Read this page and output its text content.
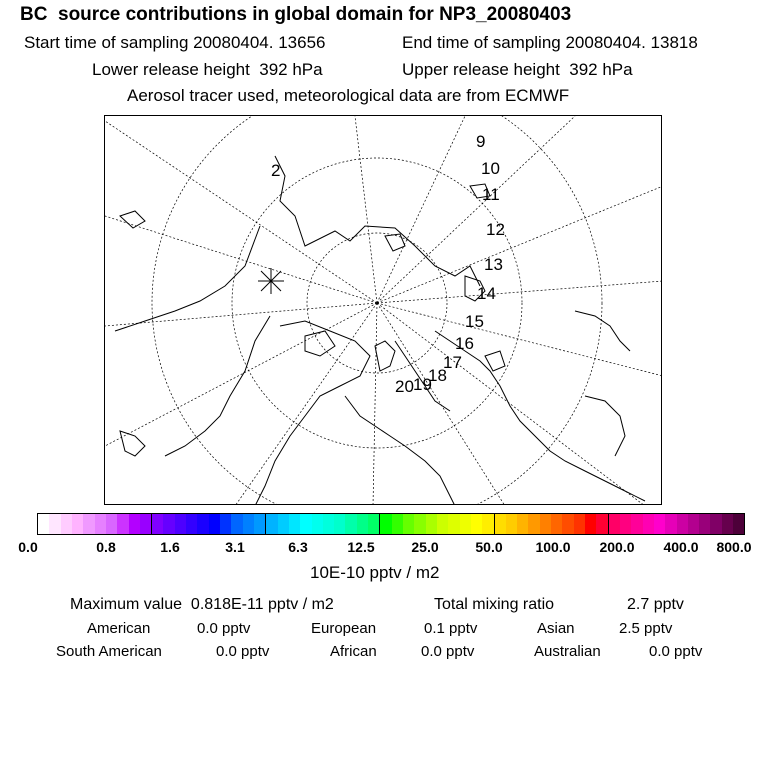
BC  source contributions in global domain for NP3_20080403
Start time of sampling 20080404. 13656	End time of sampling 20080404. 13818
Lower release height  392 hPa	Upper release height  392 hPa
Aerosol tracer used, meteorological data are from ECMWF
2
9
10
11
12
13
14
15
16
17
18
19
20
0.0	0.8	1.6	3.1	6.3	12.5	25.0	50.0 100.0 200.0 400.0 800.0
10E-10 pptv / m2
Maximum value  0.818E-11 pptv / m2	Total mixing ratio	2.7 pptv
American	0.0 pptv	European	0.1 pptv	Asian	2.5 pptv
South American	0.0 pptv	African	0.0 pptv	Australian	0.0 pptv
